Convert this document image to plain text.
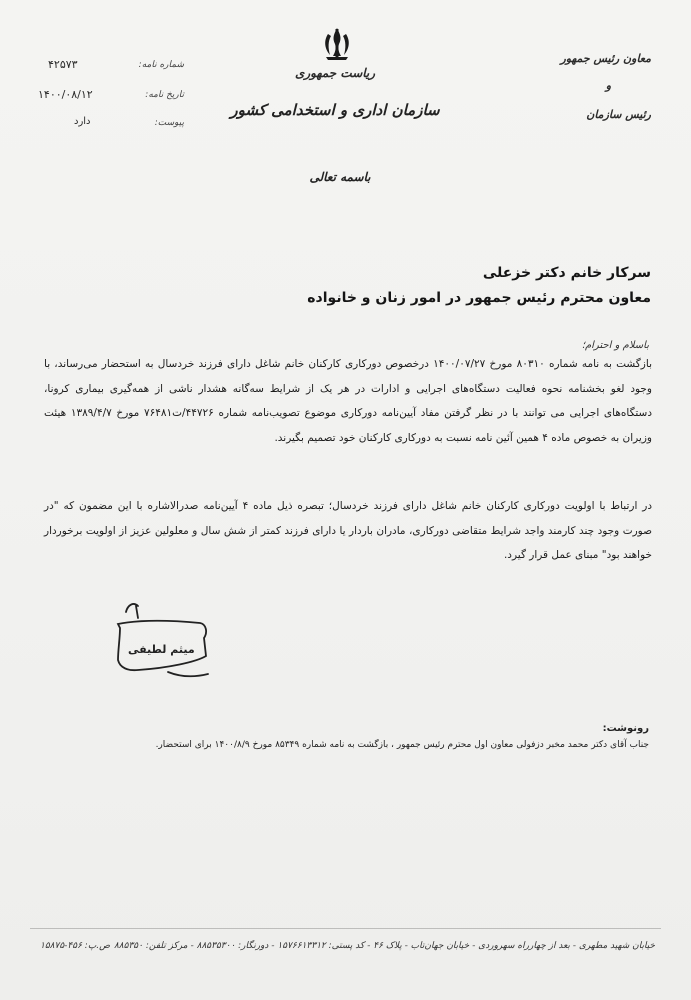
شماره نامه:
۴۲۵۷۳
تاریخ نامه:
۱۴۰۰/۰۸/۱۲
پیوست:
دارد
ریاست جمهوری
سازمان اداری و استخدامی کشور
معاون رئیس جمهور
و
رئیس سازمان
باسمه تعالی
سرکار خانم دکتر خزعلی
معاون محترم رئیس جمهور در امور زنان و خانواده
باسلام و احترام؛
بازگشت به نامه شماره ۸۰۳۱۰ مورخ ۱۴۰۰/۰۷/۲۷ درخصوص دورکاری کارکنان خانم شاغل دارای فرزند خردسال به استحضار می‌رساند، با وجود لغو بخشنامه نحوه فعالیت دستگاه‌های اجرایی و ادارات در هر یک از شرایط سه‌گانه هشدار ناشی از همه‌گیری بیماری کرونا، دستگاه‌های اجرایی می توانند با در نظر گرفتن مفاد آیین‌نامه دورکاری موضوع تصویب‌نامه شماره ۴۴۷۲۶/ت۷۶۴۸۱ مورخ ۱۳۸۹/۴/۷ هیئت وزیران به خصوص ماده ۴ همین آئین نامه نسبت به دورکاری کارکنان خود تصمیم بگیرند.
در ارتباط با اولویت دورکاری کارکنان خانم شاغل دارای فرزند خردسال؛ تبصره ذیل ماده ۴ آیین‌نامه صدرالاشاره با این مضمون که "در صورت وجود چند کارمند واجد شرایط متقاضی دورکاری، مادران باردار یا دارای فرزند کمتر از شش سال و معلولین عزیز از اولویت برخوردار خواهند بود" مبنای عمل قرار گیرد.
میثم لطیفی
رونوشت:
جناب آقای دکتر محمد مخبر دزفولی معاون اول محترم رئیس جمهور ، بازگشت به نامه شماره ۸۵۳۴۹ مورخ ۱۴۰۰/۸/۹ برای استحضار.
خیابان شهید مطهری - بعد از چهارراه سهروردی - خیابان جهان‌تاب - پلاک ۴۶ - کد پستی: ۱۵۷۶۶۱۳۳۱۲ - دورنگار: ۸۸۵۳۵۳۰۰ - مرکز تلفن: ۸۸۵۳۵۰
ص.پ: ۴۵۶-۱۵۸۷۵
